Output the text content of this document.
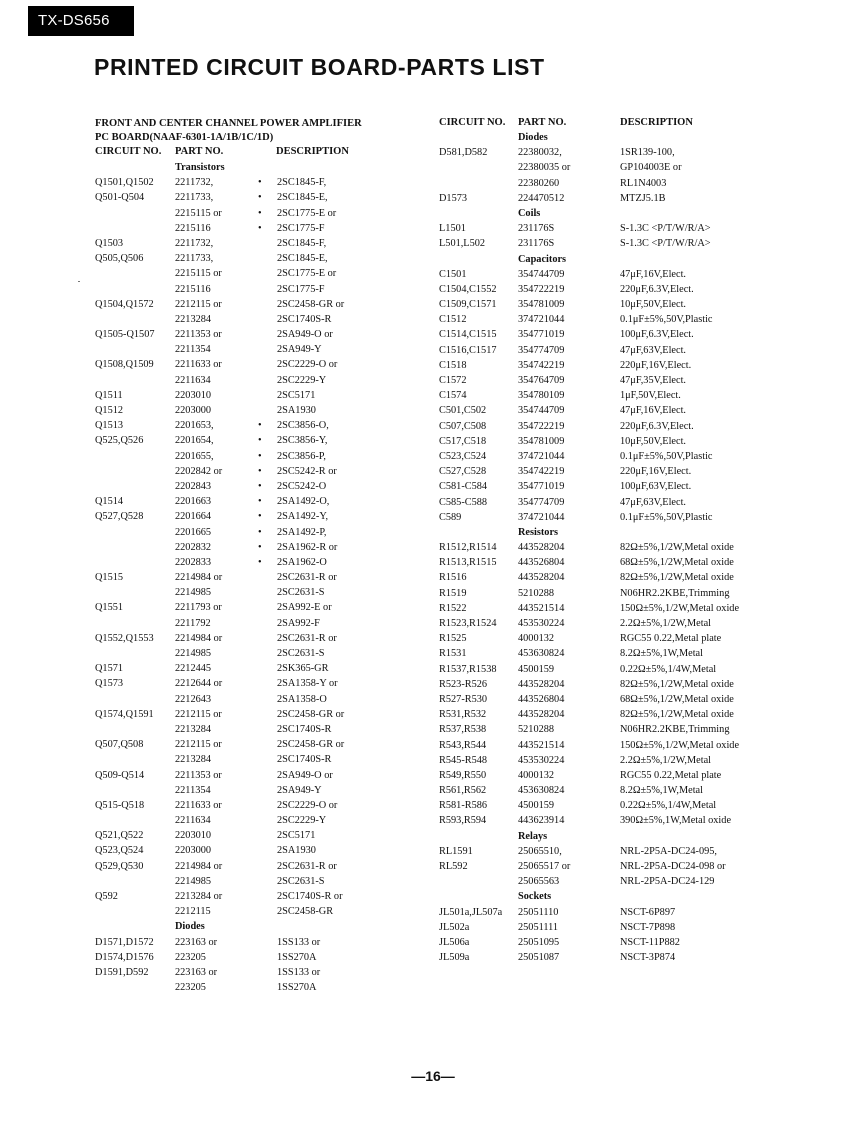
TX-DS656
PRINTED CIRCUIT BOARD-PARTS LIST
FRONT AND CENTER CHANNEL POWER AMPLIFIER
PC BOARD(NAAF-6301-1A/1B/1C/1D)
CIRCUIT NO. PART NO.	DESCRIPTION
CIRCUIT NO. PART NO.	DESCRIPTION
Transistors
Q1501,Q1502 2211732,	• 2SC1845-F,
Q501-Q504	2211733,	• 2SC1845-E,
2215115 or	• 2SC1775-E or
2215116	• 2SC1775-F
Q1503	2211732,	2SC1845-F,
Q505,Q506	2211733,	2SC1845-E,
2215115 or	2SC1775-E or
2215116	2SC1775-F
Q1504,Q1572 2212115 or	2SC2458-GR or
2213284	2SC1740S-R
Q1505-Q1507 2211353 or	2SA949-O or
2211354	2SA949-Y
Q1508,Q1509 2211633 or	2SC2229-O or
2211634	2SC2229-Y
Q1511	2203010	2SC5171
Q1512	2203000	2SA1930
Q1513	2201653,	• 2SC3856-O,
Q525,Q526	2201654,	• 2SC3856-Y,
2201655,	• 2SC3856-P,
2202842 or	• 2SC5242-R or
2202843	• 2SC5242-O
Q1514	2201663	• 2SA1492-O,
Q527,Q528	2201664	• 2SA1492-Y,
2201665	• 2SA1492-P,
2202832	• 2SA1962-R or
2202833	• 2SA1962-O
Q1515	2214984 or	2SC2631-R or
2214985	2SC2631-S
Q1551	2211793 or	2SA992-E or
2211792	2SA992-F
Q1552,Q1553 2214984 or	2SC2631-R or
2214985	2SC2631-S
Q1571	2212445	2SK365-GR
Q1573	2212644 or	2SA1358-Y or
2212643	2SA1358-O
Q1574,Q1591 2212115 or	2SC2458-GR or
2213284	2SC1740S-R
Q507,Q508	2212115 or	2SC2458-GR or
2213284	2SC1740S-R
Q509-Q514	2211353 or	2SA949-O or
2211354	2SA949-Y
Q515-Q518	2211633 or	2SC2229-O or
2211634	2SC2229-Y
Q521,Q522	2203010	2SC5171
Q523,Q524	2203000	2SA1930
Q529,Q530	2214984 or	2SC2631-R or
2214985	2SC2631-S
Q592	2213284 or	2SC1740S-R or
2212115	2SC2458-GR
Diodes
D1571,D1572 223163 or	1SS133 or
D1574,D1576 223205	1SS270A
D1591,D592	223163 or	1SS133 or
223205	1SS270A
Diodes
D581,D582	22380032,	1SR139-100,
22380035 or	GP104003E or
22380260	RL1N4003
D1573	224470512	MTZJ5.1B
Coils
L1501	231176S	S-1.3C <P/T/W/R/A>
L501,L502	231176S	S-1.3C <P/T/W/R/A>
Capacitors
C1501	354744709	47μF,16V,Elect.
C1504,C1552 354722219	220μF,6.3V,Elect.
C1509,C1571 354781009	10μF,50V,Elect.
C1512	374721044	0.1μF±5%,50V,Plastic
C1514,C1515 354771019	100μF,6.3V,Elect.
C1516,C1517 354774709	47μF,63V,Elect.
C1518	354742219	220μF,16V,Elect.
C1572	354764709	47μF,35V,Elect.
C1574	354780109	1μF,50V,Elect.
C501,C502	354744709	47μF,16V,Elect.
C507,C508	354722219	220μF,6.3V,Elect.
C517,C518	354781009	10μF,50V,Elect.
C523,C524	374721044	0.1μF±5%,50V,Plastic
C527,C528	354742219	220μF,16V,Elect.
C581-C584	354771019	100μF,63V,Elect.
C585-C588	354774709	47μF,63V,Elect.
C589	374721044	0.1μF±5%,50V,Plastic
Resistors
R1512,R1514 443528204	82Ω±5%,1/2W,Metal oxide
R1513,R1515 443526804	68Ω±5%,1/2W,Metal oxide
R1516	443528204	82Ω±5%,1/2W,Metal oxide
R1519	5210288	N06HR2.2KBE,Trimming
R1522	443521514	150Ω±5%,1/2W,Metal oxide
R1523,R1524 453530224	2.2Ω±5%,1/2W,Metal
R1525	4000132	RGC55 0.22,Metal plate
R1531	453630824	8.2Ω±5%,1W,Metal
R1537,R1538 4500159	0.22Ω±5%,1/4W,Metal
R523-R526	443528204	82Ω±5%,1/2W,Metal oxide
R527-R530	443526804	68Ω±5%,1/2W,Metal oxide
R531,R532	443528204	82Ω±5%,1/2W,Metal oxide
R537,R538	5210288	N06HR2.2KBE,Trimming
R543,R544	443521514	150Ω±5%,1/2W,Metal oxide
R545-R548	453530224	2.2Ω±5%,1/2W,Metal
R549,R550	4000132	RGC55 0.22,Metal plate
R561,R562	453630824	8.2Ω±5%,1W,Metal
R581-R586	4500159	0.22Ω±5%,1/4W,Metal
R593,R594	443623914	390Ω±5%,1W,Metal oxide
Relays
RL1591	25065510,	NRL-2P5A-DC24-095,
RL592	25065517 or	NRL-2P5A-DC24-098 or
25065563	NRL-2P5A-DC24-129
Sockets
JL501a,JL507a 25051110	NSCT-6P897
JL502a	25051111	NSCT-7P898
JL506a	25051095	NSCT-11P882
JL509a	25051087	NSCT-3P874
—16—
